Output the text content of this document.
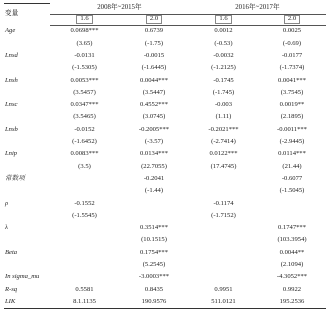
变量	2008年~2015年		2016年~2017年	
	1.6	2.0	1.6	2.0
Age	0.0698***	0.6739	0.0012	0.0025
	(3.65)	(-1.75)	(-0.53)	(-0.69)
Lnsd	-0.0131	-0.0015	-0.0032	-0.0177
	(-1.5305)	(-1.6445)	(-1.2125)	(-1.7374)
Lnsh	0.0053***	0.0044***	-0.1745	0.0041***
	(3.5457)	(3.5447)	(-1.745)	(3.7545)
Lnsc	0.0347***	0.4552***	-0.003	0.0019**
	(3.5465)	(3.0745)	(1.11)	(2.1895)
Lnsb	-0.0152	-0.2005***	-0.2021***	-0.0011***
	(-1.6452)	(-3.57)	(-2.7414)	(-2.9445)
Lnip	0.0083***	0.0134***	0.0122***	0.0114***
	(3.5)	(22.7055)	(17.4745)	(21.44)
常数项		-0.2041		-0.6077
		(-1.44)		(-1.5045)
ρ	-0.1552		-0.1174	
	(-1.5545)		(-1.7152)	
λ		0.3514***		0.1747***
		(10.1515)		(103.3954)
Beta		0.1754***		0.0044**
		(5.2545)		(2.1094)
In sigma_mu		-3.0003***		-4.3052***
R-sq	0.5581	0.8435	0.9951	0.9922
LIK	8.1.1135	190.9576	511.0121	195.2536
